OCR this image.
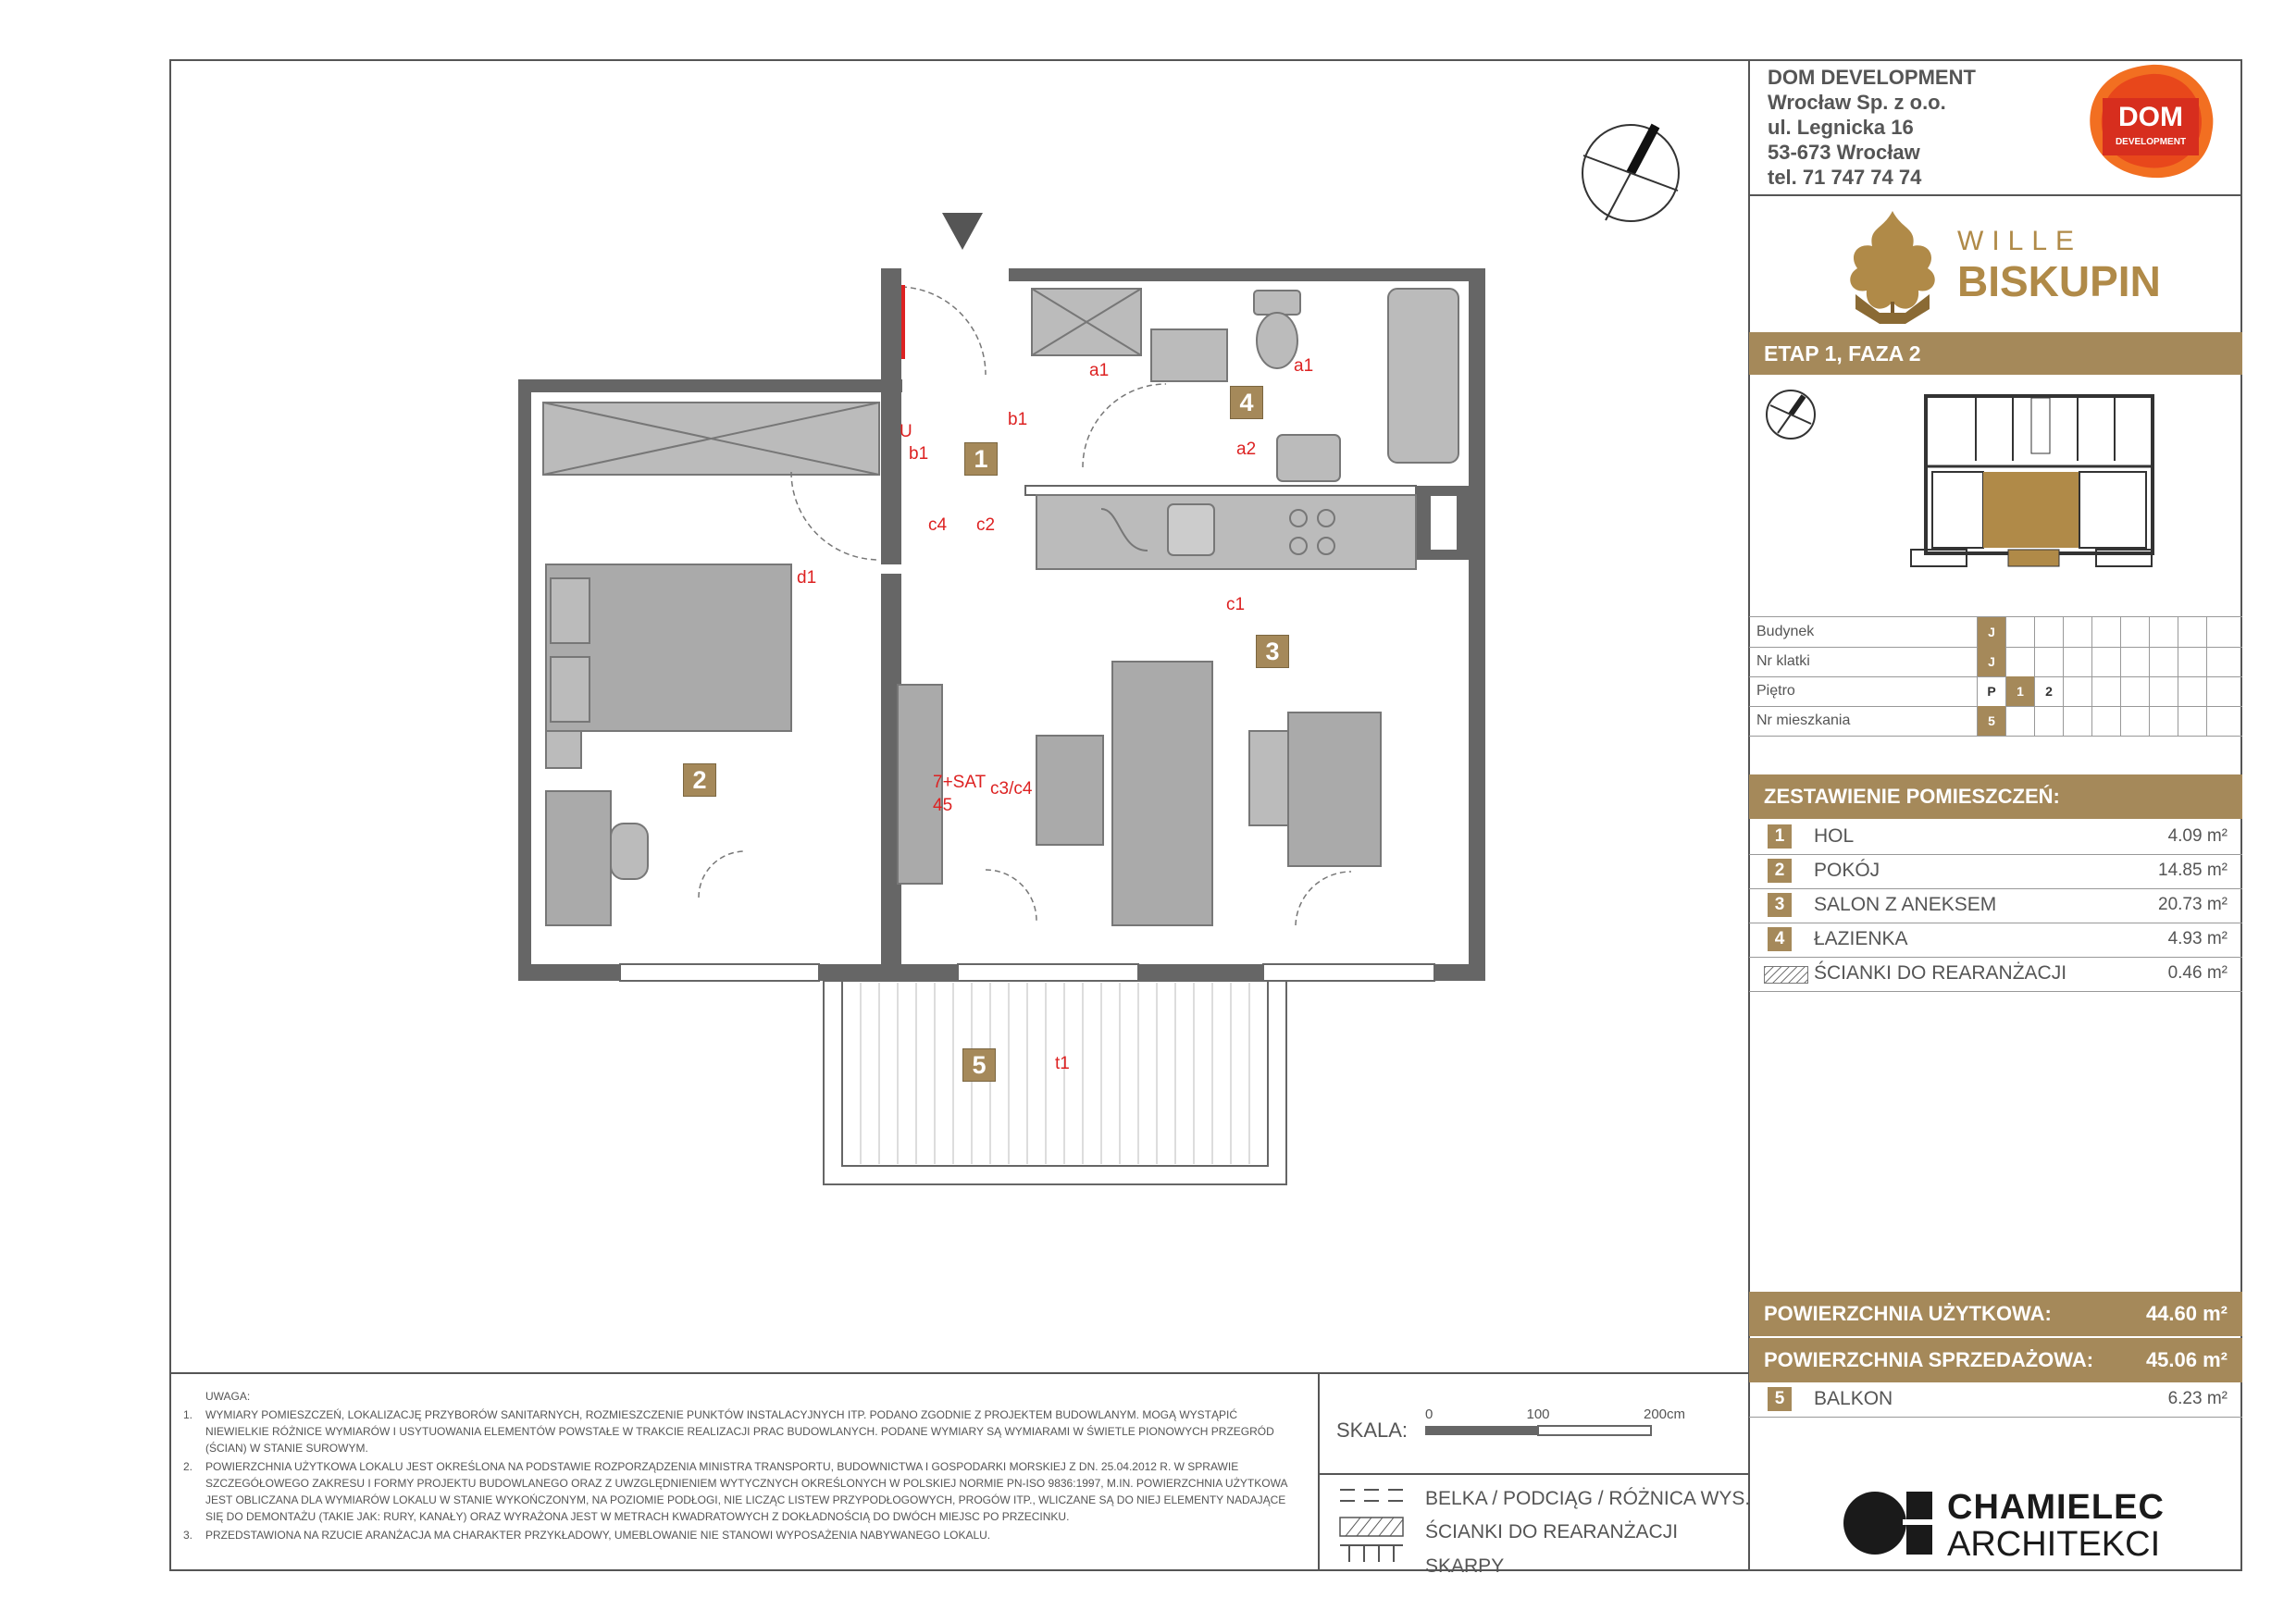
DOM DEVELOPMENT
Wrocław Sp. z o.o.
ul. Legnicka 16
53-673 Wrocław
tel. 71 747 74 74
DOM
DEVELOPMENT
WILLE
BISKUPIN
ETAP 1, FAZA 2
Budynek	J
Nr klatki	J
Piętro	P	1	2
Nr mieszkania	5
ZESTAWIENIE POMIESZCZEŃ:
1	HOL	4.09 m²
2	POKÓJ	14.85 m²
3	SALON Z ANEKSEM	20.73 m²
4	ŁAZIENKA	4.93 m²
ŚCIANKI DO REARANŻACJI	0.46 m²
POWIERZCHNIA UŻYTKOWA:	44.60 m²
POWIERZCHNIA SPRZEDAŻOWA:	45.06 m²
5	BALKON	6.23 m²
CHAMIELEC
ARCHITEKCI
UWAGA:
1. WYMIARY POMIESZCZEŃ, LOKALIZACJĘ PRZYBORÓW SANITARNYCH, ROZMIESZCZENIE PUNKTÓW INSTALACYJNYCH ITP. PODANO ZGODNIE Z PROJEKTEM BUDOWLANYM. MOGĄ WYSTĄPIĆ NIEWIELKIE RÓŻNICE WYMIARÓW I USYTUOWANIA ELEMENTÓW POWSTAŁE W TRAKCIE REALIZACJI PRAC BUDOWLANYCH. PODANE WYMIARY SĄ WYMIARAMI W ŚWIETLE PIONOWYCH PRZEGRÓD (ŚCIAN) W STANIE SUROWYM.
2. POWIERZCHNIA UŻYTKOWA LOKALU JEST OKREŚLONA NA PODSTAWIE ROZPORZĄDZENIA MINISTRA TRANSPORTU, BUDOWNICTWA I GOSPODARKI MORSKIEJ Z DN. 25.04.2012 R. W SPRAWIE SZCZEGÓŁOWEGO ZAKRESU I FORMY PROJEKTU BUDOWLANEGO ORAZ Z UWZGLĘDNIENIEM WYTYCZNYCH OKREŚLONYCH W POLSKIEJ NORMIE PN-ISO 9836:1997, M.IN. POWIERZCHNIA UŻYTKOWA JEST OBLICZANA DLA WYMIARÓW LOKALU W STANIE WYKOŃCZONYM, NA POZIOMIE PODŁOGI, NIE LICZĄC LISTEW PRZYPODŁOGOWYCH, PROGÓW ITP., WLICZANE SĄ DO NIEJ ELEMENTY NADAJĄCE SIĘ DO DEMONTAŻU (TAKIE JAK: RURY, KANAŁY) ORAZ WYRAŻONA JEST W METRACH KWADRATOWYCH Z DOKŁADNOŚCIĄ DO DWÓCH MIEJSC PO PRZECINKU.
3. PRZEDSTAWIONA NA RZUCIE ARANŻACJA MA CHARAKTER PRZYKŁADOWY, UMEBLOWANIE NIE STANOWI WYPOSAŻENIA NABYWANEGO LOKALU.
SKALA:
0	100	200cm
BELKA / PODCIĄG / RÓŻNICA WYS.
ŚCIANKI DO REARANŻACJI
SKARPY
1
2
3
4
5
a1	a1
a2
b1
b1
U
c1
c2
c4
d1
t1
c3/c4
7+SAT
45
